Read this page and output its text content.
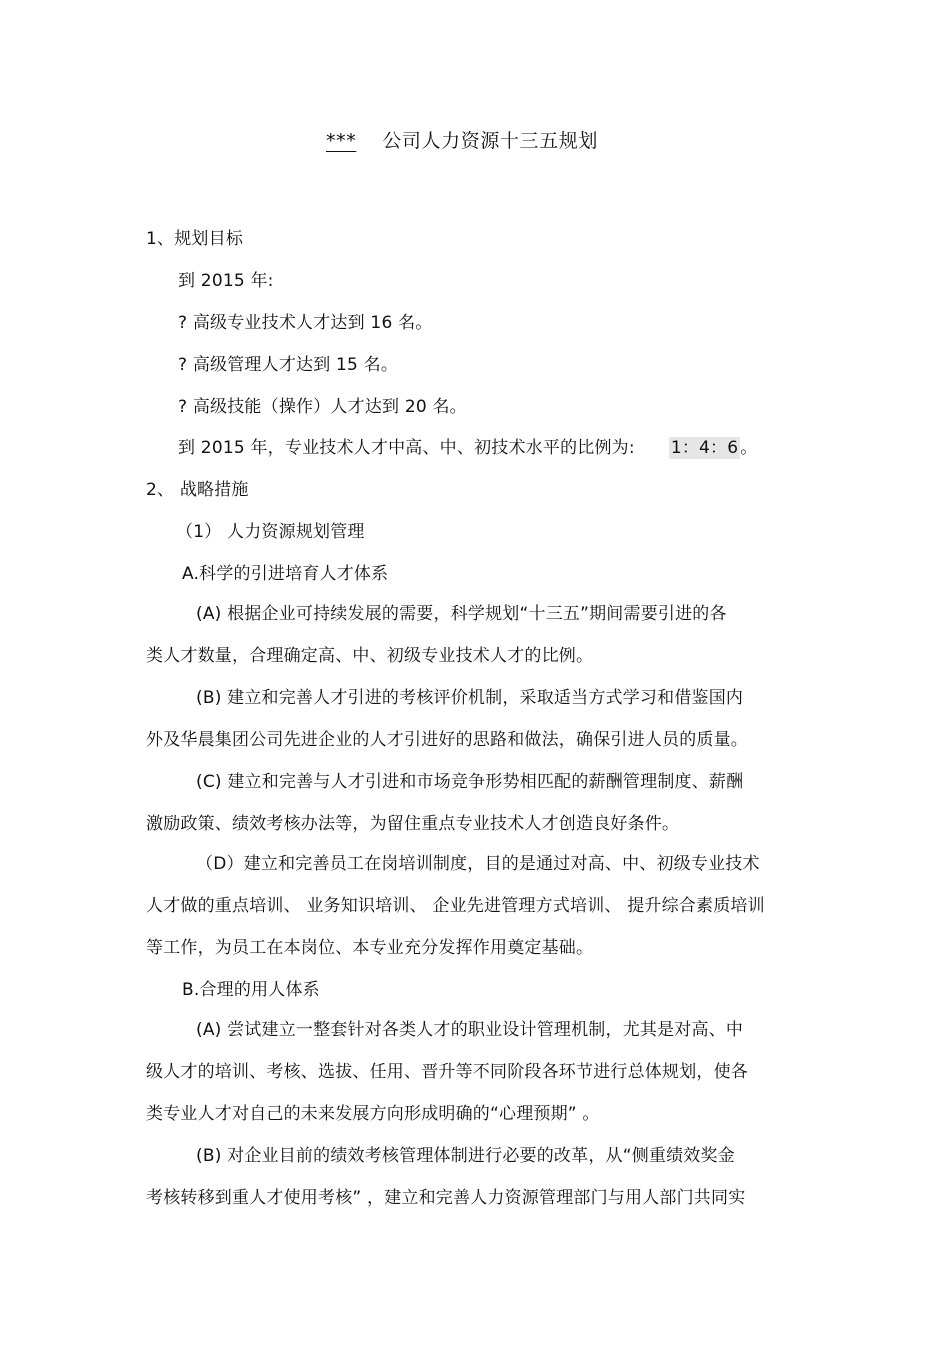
*** 公司人力资源十三五规划
1、规划目标
到 2015 年:
? 高级专业技术人才达到 16 名。
? 高级管理人才达到 15 名。
? 高级技能（操作）人才达到 20 名。
到 2015 年，专业技术人才中高、中、初技术水平的比例为: 1：4：6 。
2、 战略措施
（1） 人力资源规划管理
A.科学的引进培育人才体系
(A) 根据企业可持续发展的需要，科学规划“十三五”期间需要引进的各
类人才数量，合理确定高、中、初级专业技术人才的比例。
(B) 建立和完善人才引进的考核评价机制，采取适当方式学习和借鉴国内
外及华晨集团公司先进企业的人才引进好的思路和做法，确保引进人员的质量。
(C) 建立和完善与人才引进和市场竞争形势相匹配的薪酬管理制度、薪酬
激励政策、绩效考核办法等，为留住重点专业技术人才创造良好条件。
（D）建立和完善员工在岗培训制度，目的是通过对高、中、初级专业技术
人才做的重点培训、 业务知识培训、 企业先进管理方式培训、 提升综合素质培训
等工作，为员工在本岗位、本专业充分发挥作用奠定基础。
B.合理的用人体系
(A) 尝试建立一整套针对各类人才的职业设计管理机制，尤其是对高、中
级人才的培训、考核、选拔、任用、晋升等不同阶段各环节进行总体规划，使各
类专业人才对自己的未来发展方向形成明确的“心理预期” 。
(B) 对企业目前的绩效考核管理体制进行必要的改革，从“侧重绩效奖金
考核转移到重人才使用考核” ，建立和完善人力资源管理部门与用人部门共同实
